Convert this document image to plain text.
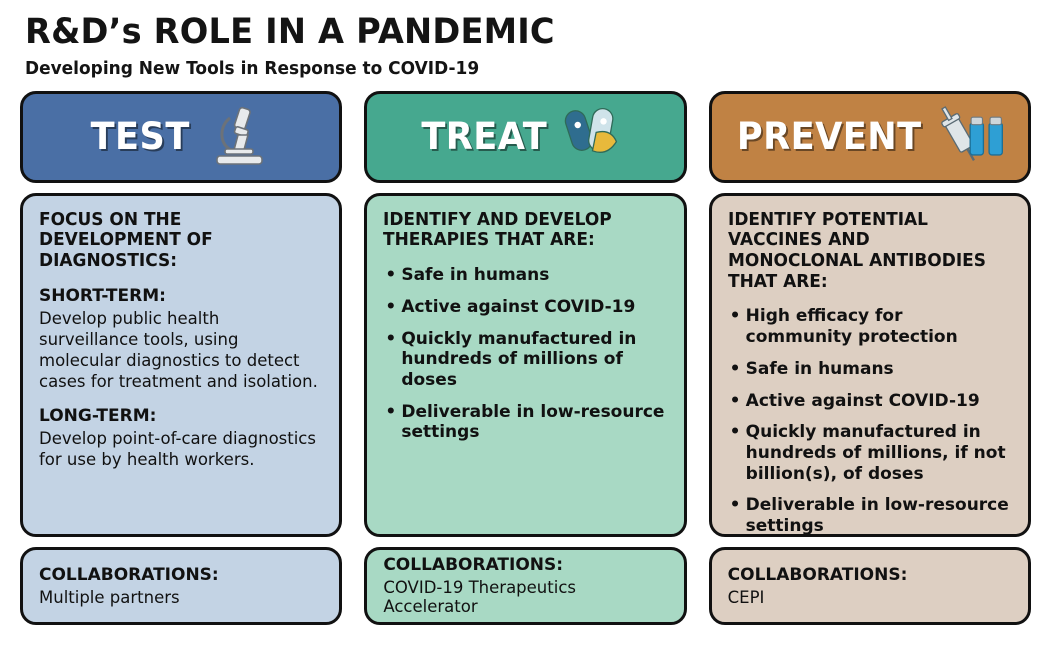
R&D’s ROLE IN A PANDEMIC

Developing New Tools in Response to COVID-19

TEST

FOCUS ON THE DEVELOPMENT OF DIAGNOSTICS:

SHORT-TERM:

Develop public health surveillance tools, using molecular diagnostics to detect cases for treatment and isolation.

LONG-TERM:

Develop point-of-care diagnostics for use by health workers.

COLLABORATIONS:

Multiple partners

TREAT

IDENTIFY AND DEVELOP THERAPIES THAT ARE:

• Safe in humans
• Active against COVID-19
• Quickly manufactured in hundreds of millions of doses
• Deliverable in low-resource settings

COLLABORATIONS:

COVID-19 Therapeutics Accelerator

PREVENT

IDENTIFY POTENTIAL VACCINES AND MONOCLONAL ANTIBODIES THAT ARE:

• High efficacy for community protection
• Safe in humans
• Active against COVID-19
• Quickly manufactured in hundreds of millions, if not billion(s), of doses
• Deliverable in low-resource settings

COLLABORATIONS:

CEPI
